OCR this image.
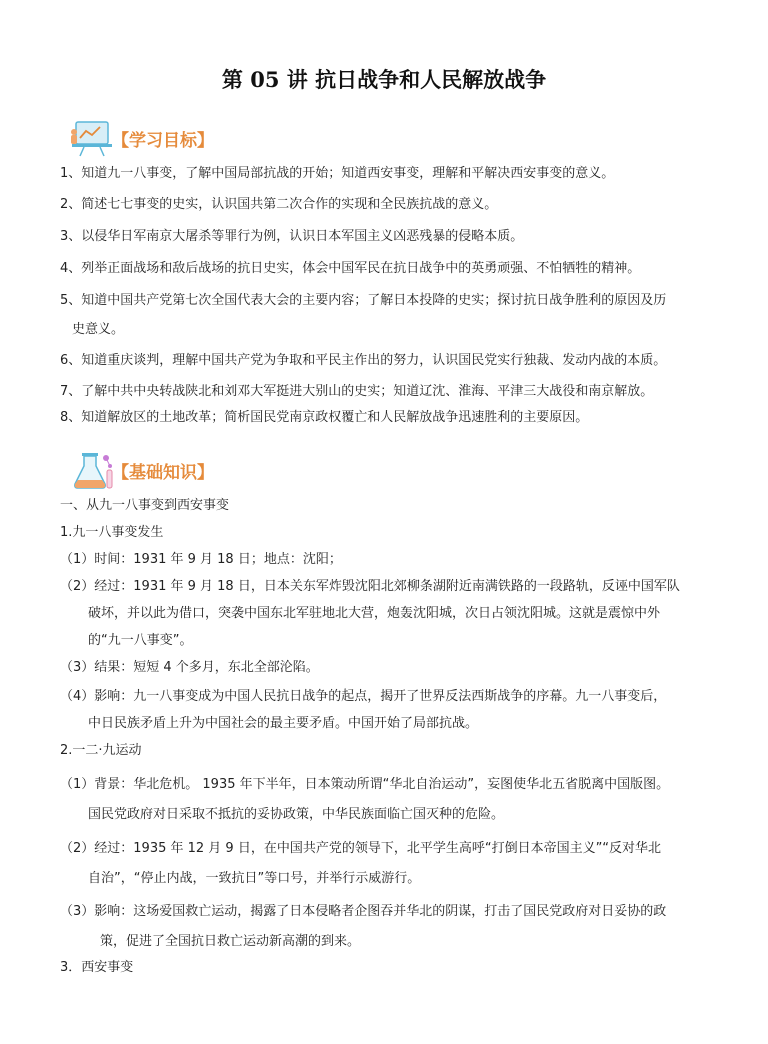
第 05 讲 抗日战争和人民解放战争
【学习目标】
1、知道九一八事变，了解中国局部抗战的开始；知道西安事变，理解和平解决西安事变的意义。
2、简述七七事变的史实，认识国共第二次合作的实现和全民族抗战的意义。
3、以侵华日军南京大屠杀等罪行为例，认识日本军国主义凶恶残暴的侵略本质。
4、列举正面战场和敌后战场的抗日史实，体会中国军民在抗日战争中的英勇顽强、不怕牺牲的精神。
5、知道中国共产党第七次全国代表大会的主要内容；了解日本投降的史实；探讨抗日战争胜利的原因及历
史意义。
6、知道重庆谈判，理解中国共产党为争取和平民主作出的努力，认识国民党实行独裁、发动内战的本质。
7、了解中共中央转战陕北和刘邓大军挺进大别山的史实；知道辽沈、淮海、平津三大战役和南京解放。
8、知道解放区的土地改革；简析国民党南京政权覆亡和人民解放战争迅速胜利的主要原因。
【基础知识】
一、从九一八事变到西安事变
1.九一八事变发生
（1）时间：1931 年 9 月 18 日；地点：沈阳；
（2）经过：1931 年 9 月 18 日，日本关东军炸毁沈阳北郊柳条湖附近南满铁路的一段路轨，反诬中国军队
破坏，并以此为借口，突袭中国东北军驻地北大营，炮轰沈阳城，次日占领沈阳城。这就是震惊中外
的“九一八事变”。
（3）结果：短短 4 个多月，东北全部沦陷。
（4）影响：九一八事变成为中国人民抗日战争的起点，揭开了世界反法西斯战争的序幕。九一八事变后，
中日民族矛盾上升为中国社会的最主要矛盾。中国开始了局部抗战。
2.一二·九运动
（1）背景：华北危机。 1935 年下半年，日本策动所谓“华北自治运动”，妄图使华北五省脱离中国版图。
国民党政府对日采取不抵抗的妥协政策，中华民族面临亡国灭种的危险。
（2）经过：1935 年 12 月 9 日，在中国共产党的领导下，北平学生高呼“打倒日本帝国主义”“反对华北
自治”，“停止内战，一致抗日”等口号，并举行示威游行。
（3）影响：这场爱国救亡运动，揭露了日本侵略者企图吞并华北的阴谋，打击了国民党政府对日妥协的政
策，促进了全国抗日救亡运动新高潮的到来。
3．西安事变
